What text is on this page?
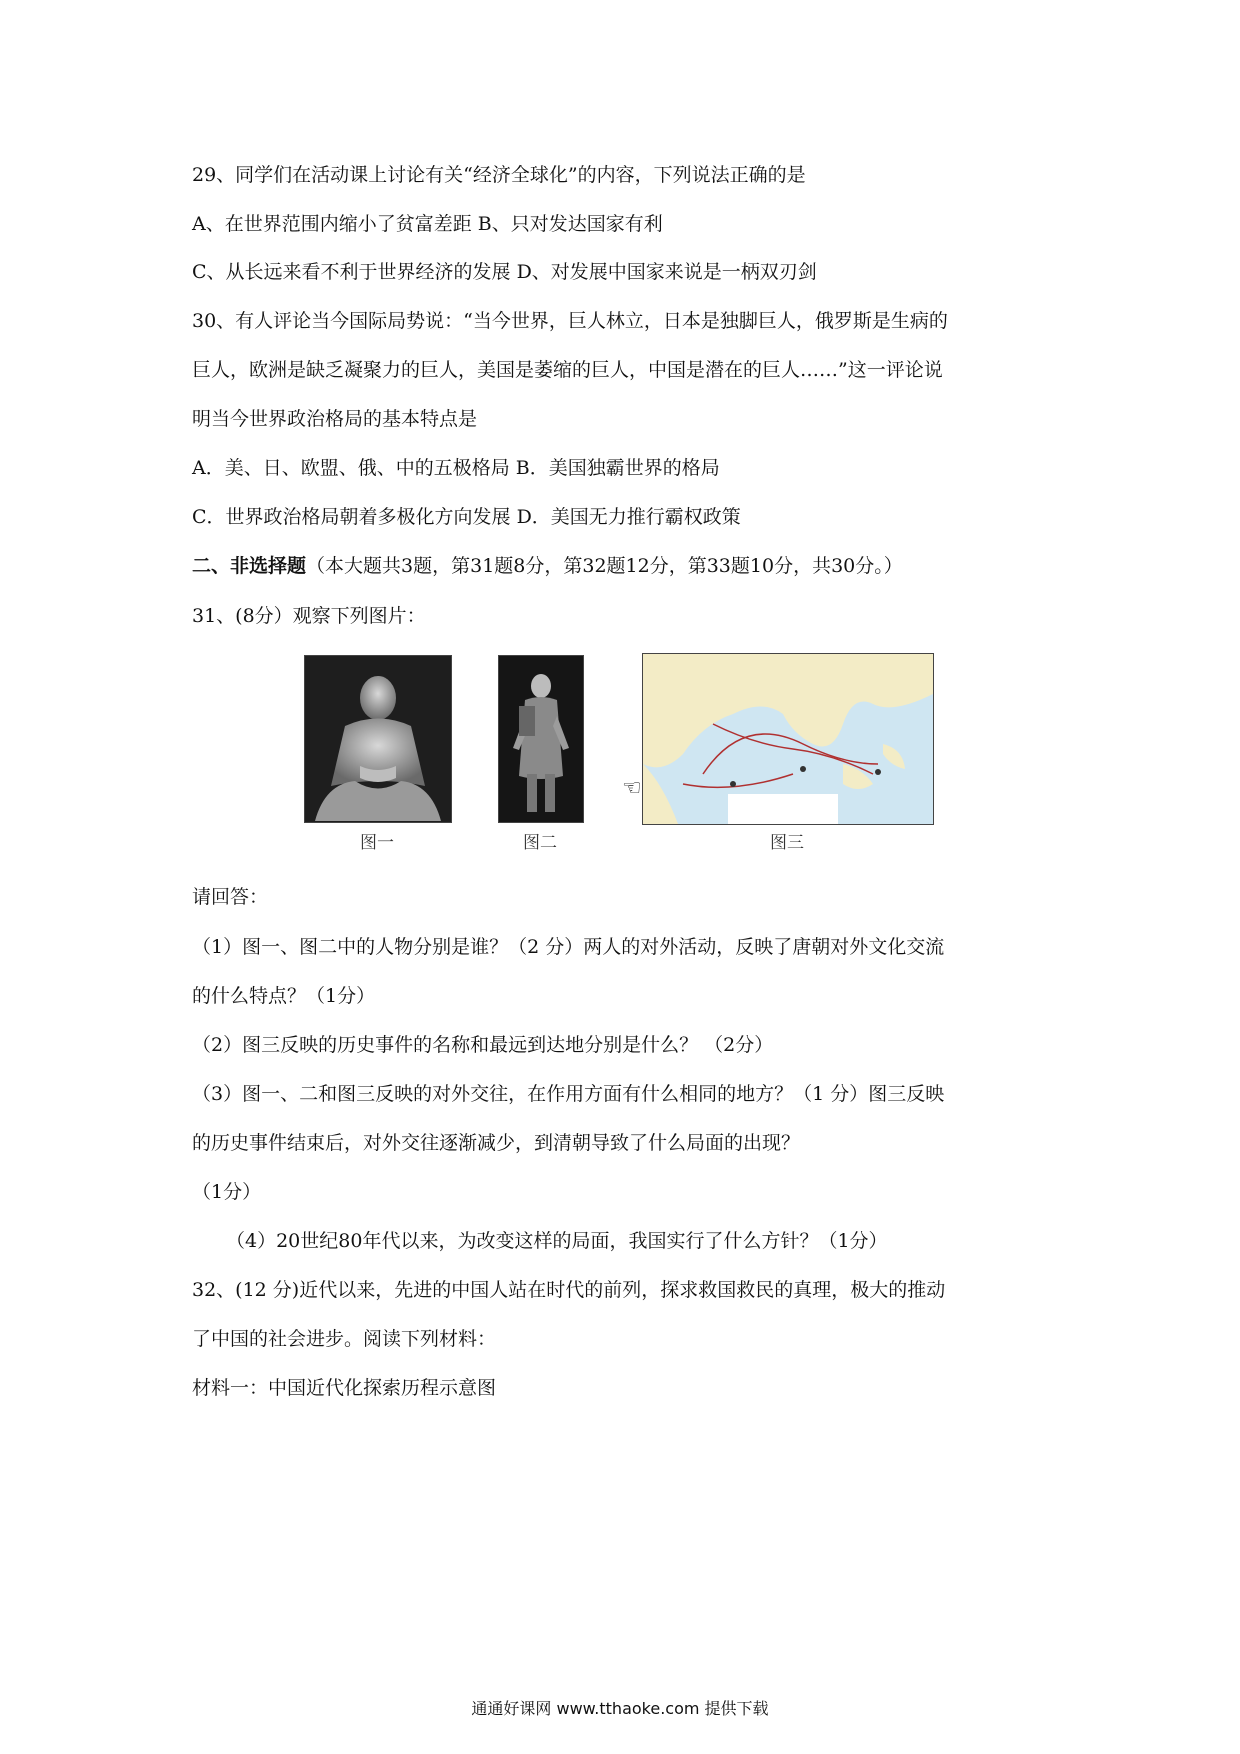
29、同学们在活动课上讨论有关“经济全球化”的内容，下列说法正确的是

A、在世界范围内缩小了贫富差距 B、只对发达国家有利

C、从长远来看不利于世界经济的发展 D、对发展中国家来说是一柄双刃剑

30、有人评论当今国际局势说：“当今世界，巨人林立，日本是独脚巨人，俄罗斯是生病的

巨人，欧洲是缺乏凝聚力的巨人，美国是萎缩的巨人，中国是潜在的巨人……”这一评论说

明当今世界政治格局的基本特点是

A．美、日、欧盟、俄、中的五极格局 B．美国独霸世界的格局

C．世界政治格局朝着多极化方向发展 D．美国无力推行霸权政策

二、非选择题（本大题共3题，第31题8分，第32题12分，第33题10分，共30分。）

31、(8分）观察下列图片：

☜
图一	图二	图三

请回答：

（1）图一、图二中的人物分别是谁？（2 分）两人的对外活动，反映了唐朝对外文化交流

的什么特点？（1分）

（2）图三反映的历史事件的名称和最远到达地分别是什么？ （2分）

（3）图一、二和图三反映的对外交往，在作用方面有什么相同的地方？（1 分）图三反映

的历史事件结束后，对外交往逐渐减少，到清朝导致了什么局面的出现？

（1分）

（4）20世纪80年代以来，为改变这样的局面，我国实行了什么方针？（1分）

32、(12 分)近代以来，先进的中国人站在时代的前列，探求救国救民的真理，极大的推动

了中国的社会进步。阅读下列材料：

材料一：中国近代化探索历程示意图

通通好课网 www.tthaoke.com 提供下载
